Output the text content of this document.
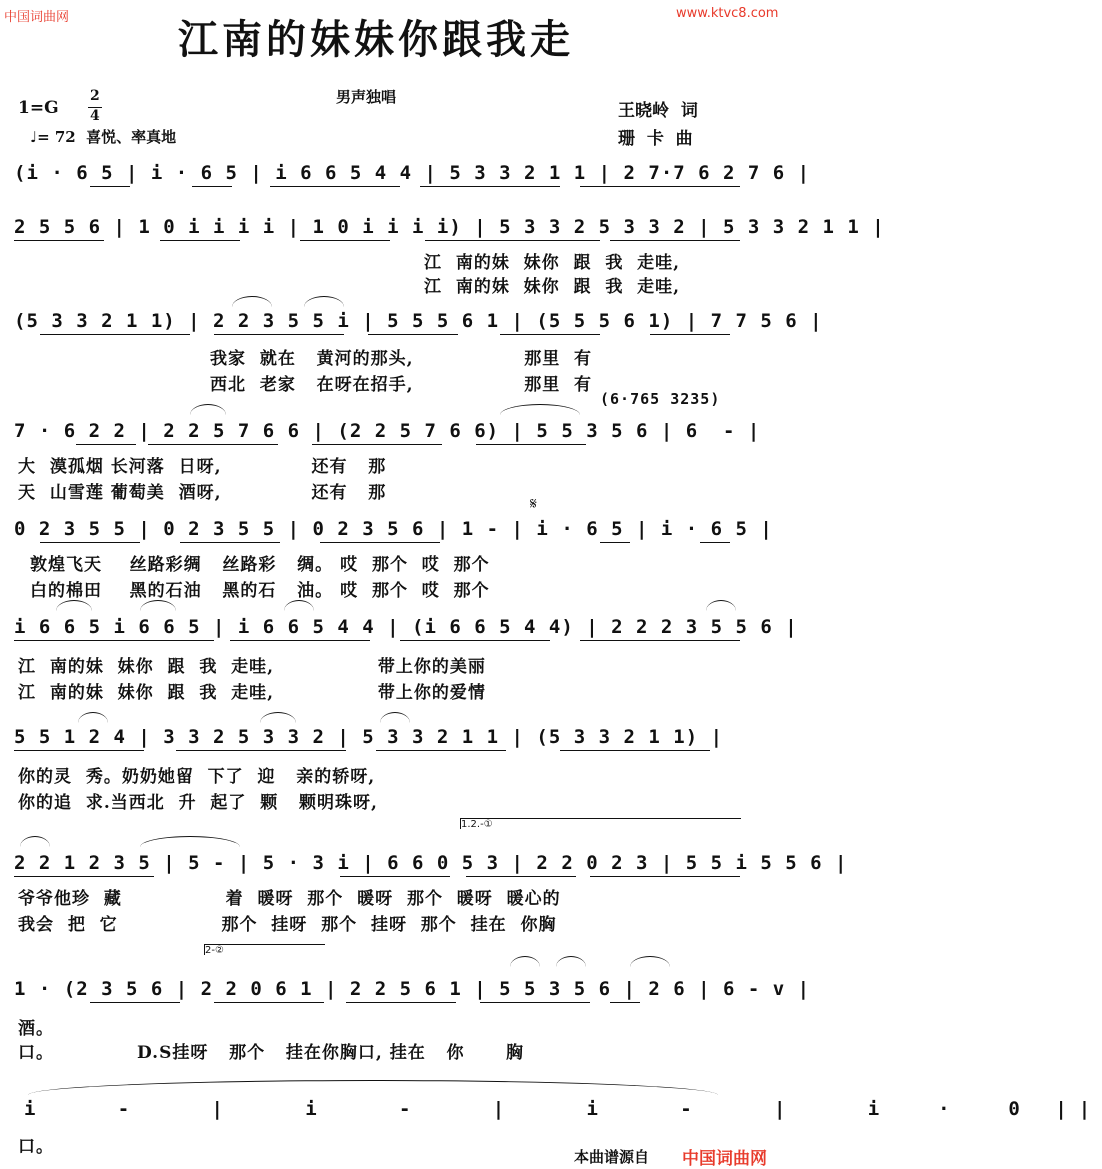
中国词曲网	www.ktvc8.com
江南的妹妹你跟我走
男声独唱
1=G
2
4
♩= 72  喜悦、率真地
王晓岭  词
珊  卡  曲
(i · 6 5 | i · 6 5 | i 6 6 5 4 4 | 5 3 3 2 1 1 | 2 7·7 6 2 7 6 |
2 5 5 6 | 1 0 i i i i | 1 0 i i i i) | 5 3 3 2 5 3 3 2 | 5 3 3 2 1 1 |
江  南的妹  妹你  跟  我  走哇,
江  南的妹  妹你  跟  我  走哇,
(5 3 3 2 1 1) | 2 2 3 5 5 i | 5 5 5 6 1 | (5 5 5 6 1) | 7 7 5 6 |
我家  就在   黄河的那头,                那里  有
西北  老家   在呀在招手,                那里  有
(6·765 3235)
7 · 6 2 2 | 2 2 5 7 6 6 | (2 2 5 7 6 6) | 5 5 3 5 6 | 6  - |
大  漠孤烟 长河落  日呀,             还有   那
天  山雪莲 葡萄美  酒呀,             还有   那
𝄋
0 2 3 5 5 | 0 2 3 5 5 | 0 2 3 5 6 | 1 - | i · 6 5 | i · 6 5 |
敦煌飞天    丝路彩绸   丝路彩   绸。 哎  那个  哎  那个
白的棉田    黑的石油   黑的石   油。 哎  那个  哎  那个
i 6 6 5 i 6 6 5 | i 6 6 5 4 4 | (i 6 6 5 4 4) | 2 2 2 3 5 5 6 |
江  南的妹  妹你  跟  我  走哇,               带上你的美丽
江  南的妹  妹你  跟  我  走哇,               带上你的爱情
5 5 1 2 4 | 3 3 2 5 3 3 2 | 5 3 3 2 1 1 | (5 3 3 2 1 1) |
你的灵  秀。奶奶她留  下了  迎   亲的轿呀,
你的追  求.当西北  升  起了  颗   颗明珠呀,
1.2.-①
2 2 1 2 3 5 | 5 - | 5 · 3 i | 6 6 0 5 3 | 2 2 0 2 3 | 5 5 i 5 5 6 |
爷爷他珍  藏               着  暖呀  那个  暖呀  那个  暖呀  暖心的
我会  把  它               那个  挂呀  那个  挂呀  那个  挂在  你胸
2-②
1 · (2 3 5 6 | 2 2 0 6 1 | 2 2 5 6 1 | 5 5 3 5 6 | 2 6 | 6 - v |
酒。
口。            D.S挂呀   那个   挂在你胸口, 挂在   你      胸
i   -   |   i   -   |   i   -   |   i  ·  0 ||
口。	本曲谱源自 中国词曲网
